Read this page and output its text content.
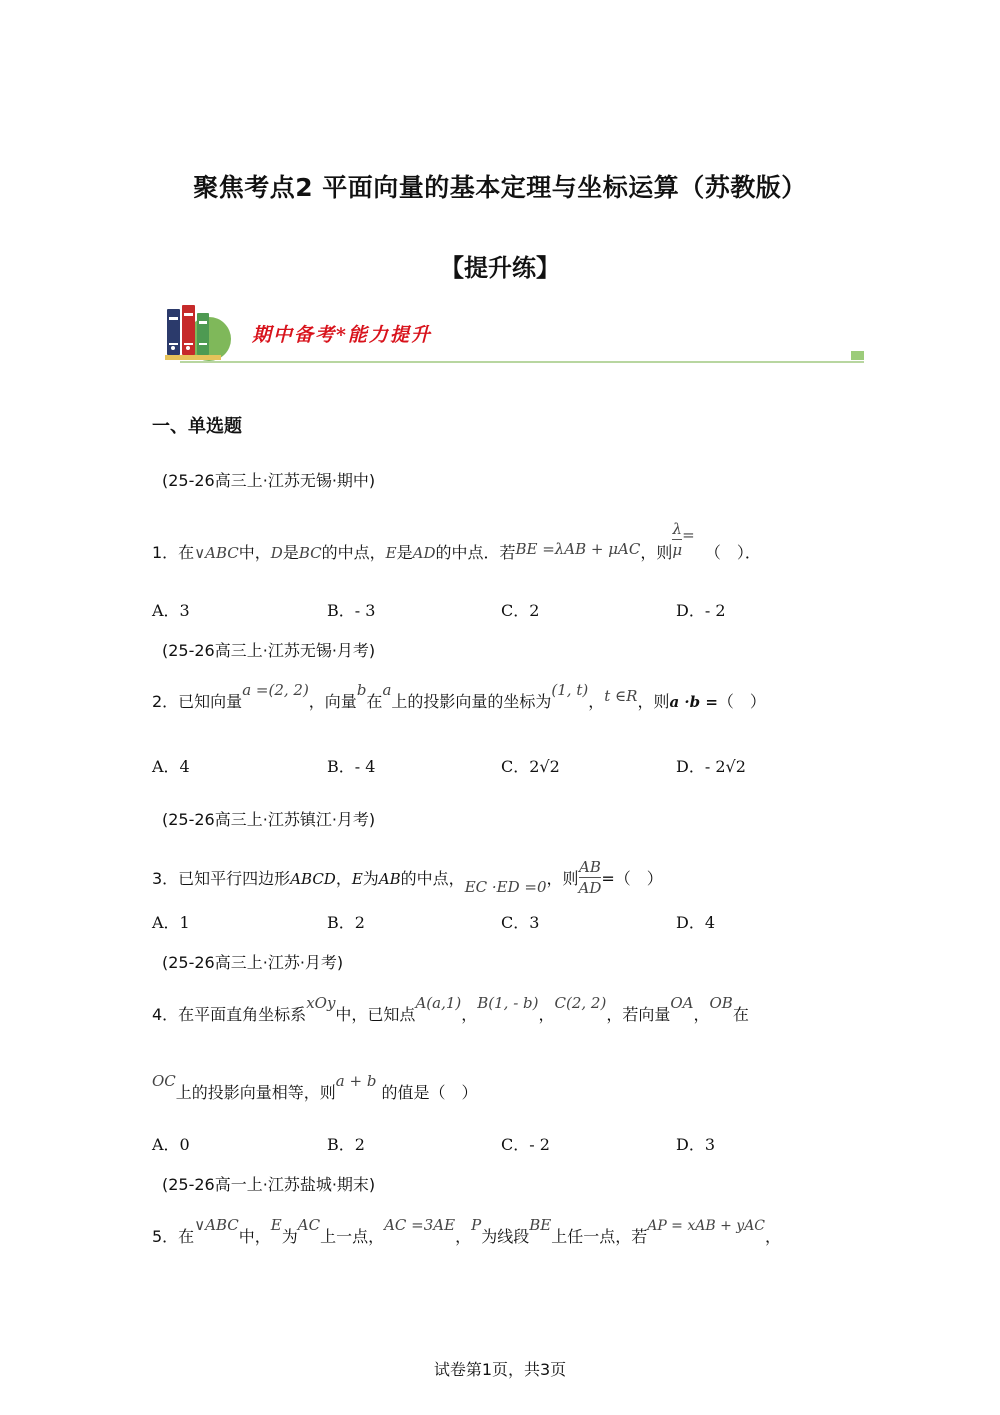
聚焦考点2 平面向量的基本定理与坐标运算（苏教版）
【提升练】
期中备考*能力提升
一、单选题
(25-26高三上·江苏无锡·期中)
1．在∨ABC中，D是BC的中点，E是AD的中点．若BE =λAB + μAC，则 $\frac{\lambda}{\mu}$ =  （　）．
A．3	B．- 3	C．2	D．- 2
(25-26高三上·江苏无锡·月考)
2．已知向量a =(2, 2)，向量b在a上的投影向量的坐标为(1, t)，t ∈R，则a ·b =（　）
A．4	B．- 4	C．2√2	D．- 2√2
(25-26高三上·江苏镇江·月考)
3．已知平行四边形ABCD，E为AB的中点，EC ·ED =0，则 $\frac{AB}{AD}$ =（　）
A．1	B．2	C．3	D．4
(25-26高三上·江苏·月考)
4．在平面直角坐标系xOy中，已知点A(a,1)，B(1, - b)，C(2, 2)，若向量OA，OB在
OC上的投影向量相等，则a + b 的值是（　）
A．0	B．2	C．- 2	D．3
(25-26高一上·江苏盐城·期末)
5．在∨ABC中，E为AC上一点，AC =3AE，P为线段BE上任一点，若AP = xAB + yAC，
试卷第1页，共3页
